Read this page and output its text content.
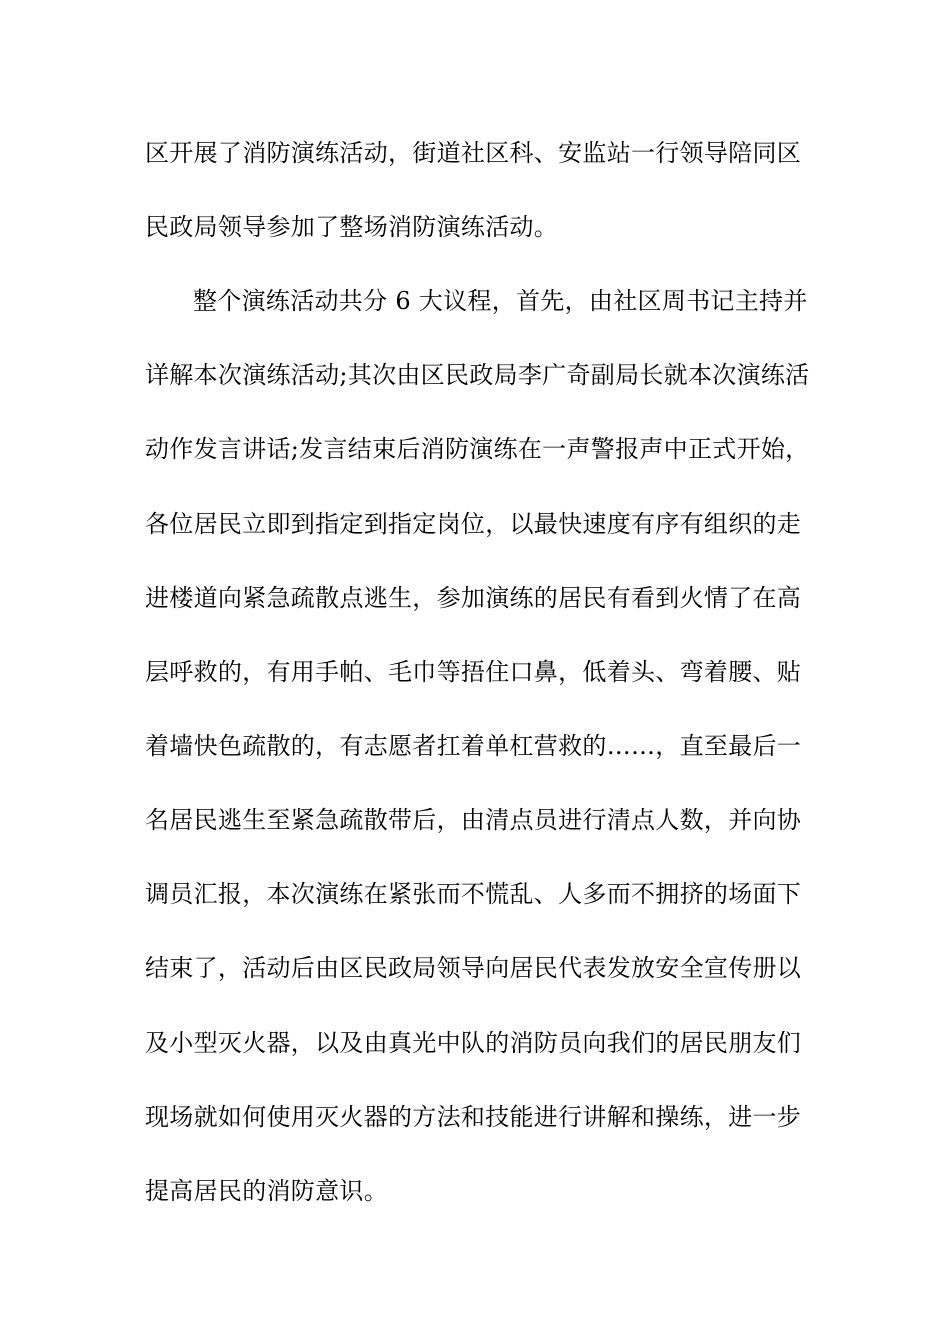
区开展了消防演练活动，街道社区科、安监站一行领导陪同区
民政局领导参加了整场消防演练活动。
整个演练活动共分 6 大议程，首先，由社区周书记主持并
详解本次演练活动;其次由区民政局李广奇副局长就本次演练活
动作发言讲话;发言结束后消防演练在一声警报声中正式开始，
各位居民立即到指定到指定岗位，以最快速度有序有组织的走
进楼道向紧急疏散点逃生，参加演练的居民有看到火情了在高
层呼救的，有用手帕、毛巾等捂住口鼻，低着头、弯着腰、贴
着墙快色疏散的，有志愿者扛着单杠营救的……，直至最后一
名居民逃生至紧急疏散带后，由清点员进行清点人数，并向协
调员汇报，本次演练在紧张而不慌乱、人多而不拥挤的场面下
结束了，活动后由区民政局领导向居民代表发放安全宣传册以
及小型灭火器，以及由真光中队的消防员向我们的居民朋友们
现场就如何使用灭火器的方法和技能进行讲解和操练，进一步
提高居民的消防意识。
